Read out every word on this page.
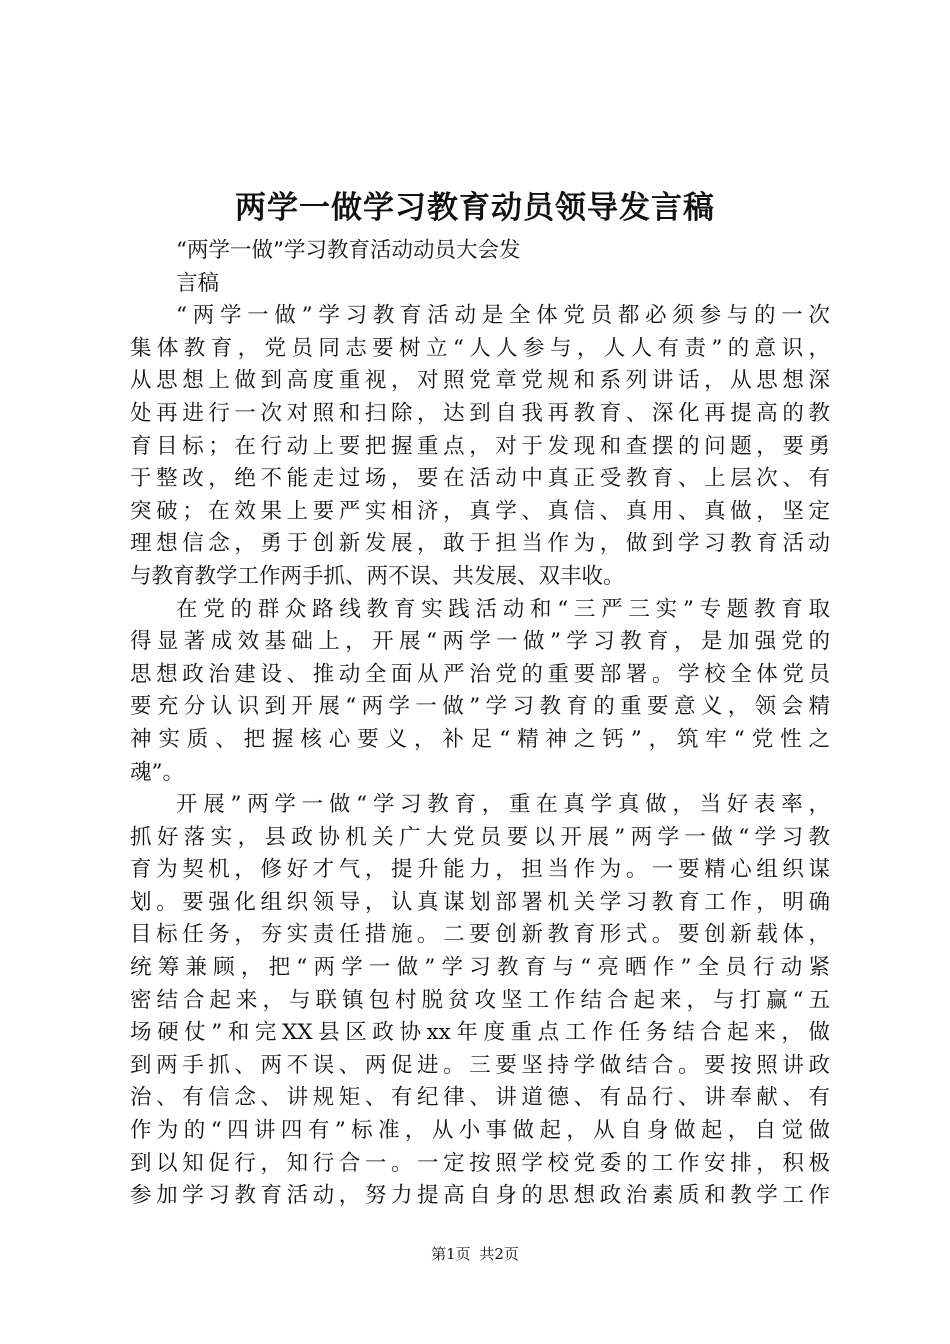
两学一做学习教育动员领导发言稿
“两学一做”学习教育活动动员大会发
言稿
“两学一做”学习教育活动是全体党员都必须参与的一次
集体教育，党员同志要树立“人人参与，人人有责”的意识，
从思想上做到高度重视，对照党章党规和系列讲话，从思想深
处再进行一次对照和扫除，达到自我再教育、深化再提高的教
育目标；在行动上要把握重点，对于发现和查摆的问题，要勇
于整改，绝不能走过场，要在活动中真正受教育、上层次、有
突破；在效果上要严实相济，真学、真信、真用、真做，坚定
理想信念，勇于创新发展，敢于担当作为，做到学习教育活动
与教育教学工作两手抓、两不误、共发展、双丰收。
在党的群众路线教育实践活动和“三严三实”专题教育取
得显著成效基础上，开展“两学一做”学习教育，是加强党的
思想政治建设、推动全面从严治党的重要部署。学校全体党员
要充分认识到开展“两学一做”学习教育的重要意义，领会精
神实质、把握核心要义，补足“精神之钙”，筑牢“党性之
魂”。
开展”两学一做“学习教育，重在真学真做，当好表率，
抓好落实，县政协机关广大党员要以开展”两学一做“学习教
育为契机，修好才气，提升能力，担当作为。一要精心组织谋
划。要强化组织领导，认真谋划部署机关学习教育工作，明确
目标任务，夯实责任措施。二要创新教育形式。要创新载体，
统筹兼顾，把“两学一做”学习教育与“亮晒作”全员行动紧
密结合起来，与联镇包村脱贫攻坚工作结合起来，与打赢“五
场硬仗”和完XX县区政协xx年度重点工作任务结合起来，做
到两手抓、两不误、两促进。三要坚持学做结合。要按照讲政
治、有信念、讲规矩、有纪律、讲道德、有品行、讲奉献、有
作为的“四讲四有”标准，从小事做起，从自身做起，自觉做
到以知促行，知行合一。一定按照学校党委的工作安排，积极
参加学习教育活动，努力提高自身的思想政治素质和教学工作
第1页 共2页
